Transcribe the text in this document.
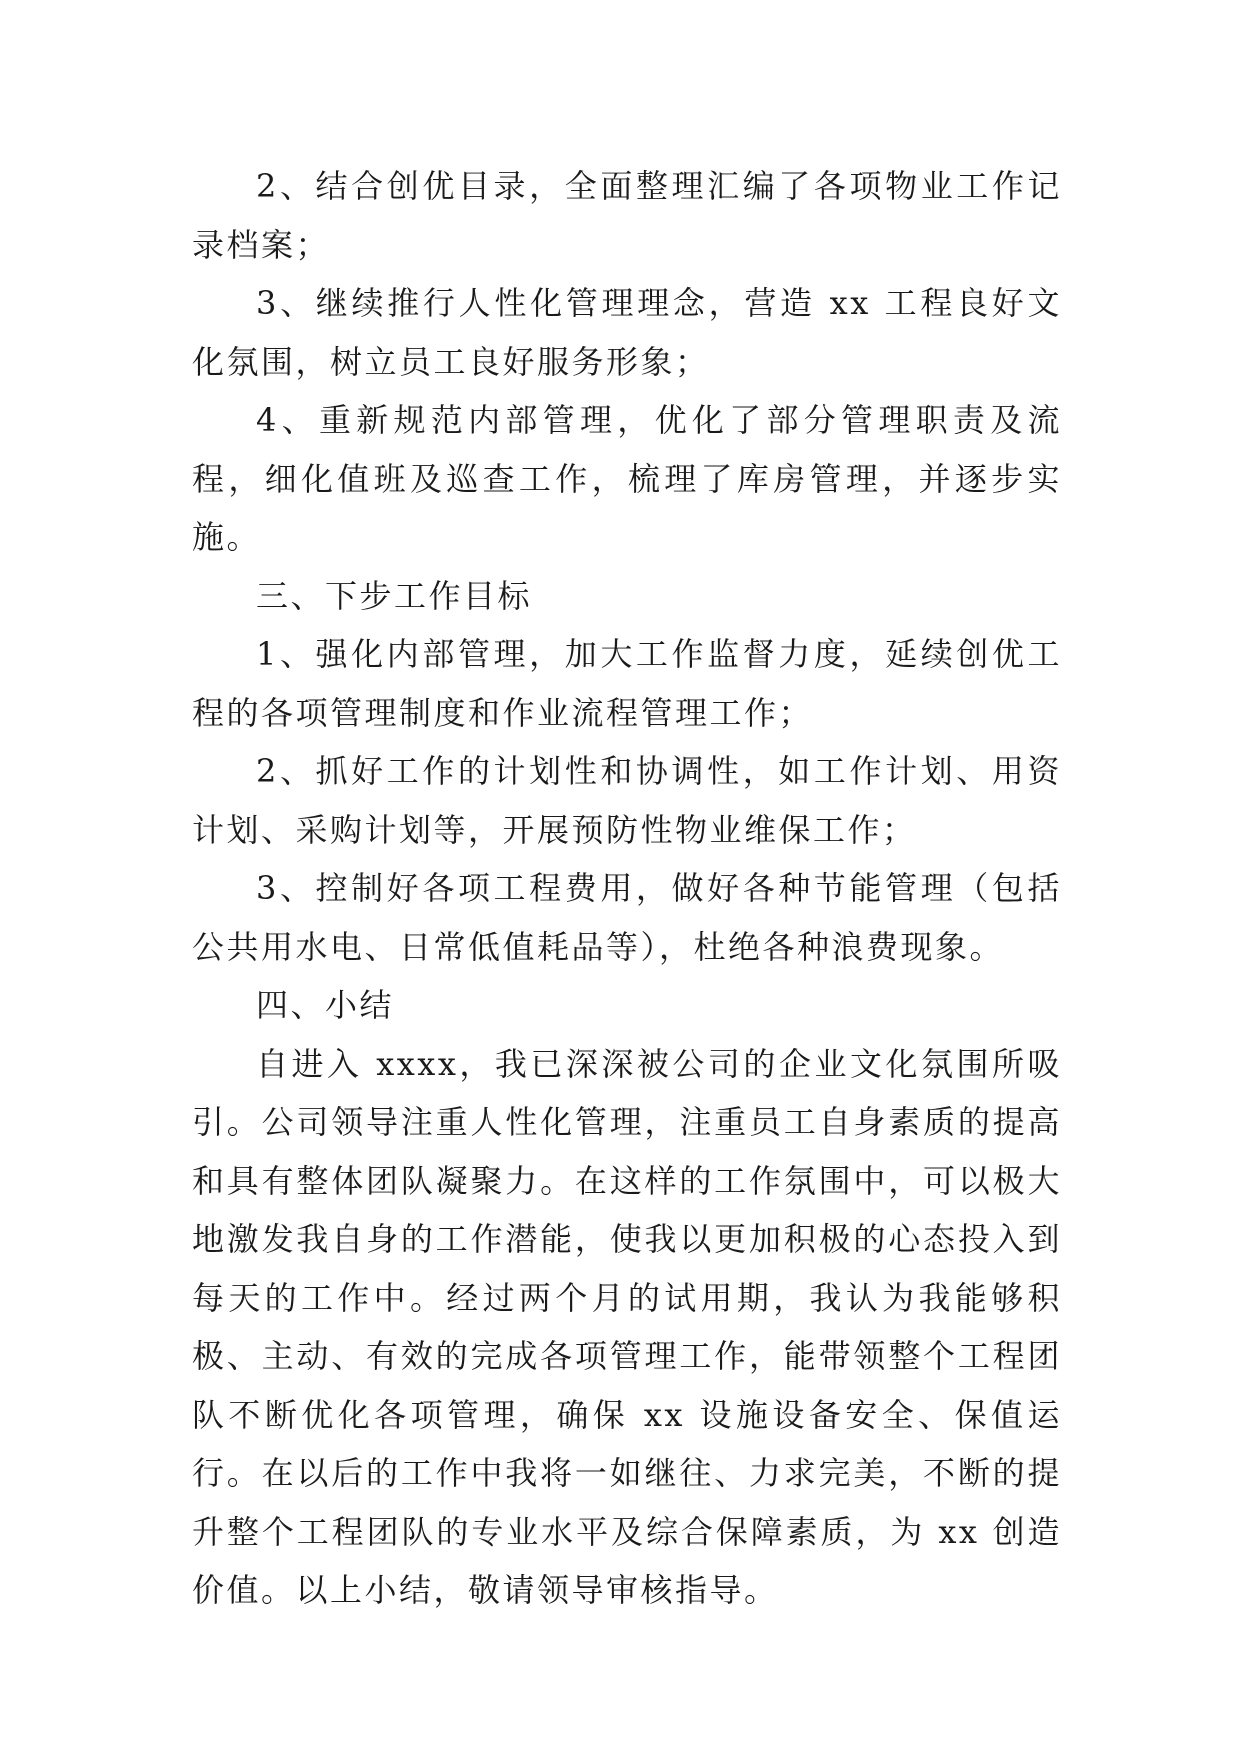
2、结合创优目录，全面整理汇编了各项物业工作记录档案；

3、继续推行人性化管理理念，营造 xx 工程良好文化氛围，树立员工良好服务形象；

4、重新规范内部管理，优化了部分管理职责及流程，细化值班及巡查工作，梳理了库房管理，并逐步实施。

三、下步工作目标

1、强化内部管理，加大工作监督力度，延续创优工程的各项管理制度和作业流程管理工作；

2、抓好工作的计划性和协调性，如工作计划、用资计划、采购计划等，开展预防性物业维保工作；

3、控制好各项工程费用，做好各种节能管理（包括公共用水电、日常低值耗品等），杜绝各种浪费现象。

四、小结

自进入 xxxx，我已深深被公司的企业文化氛围所吸引。公司领导注重人性化管理，注重员工自身素质的提高和具有整体团队凝聚力。在这样的工作氛围中，可以极大地激发我自身的工作潜能，使我以更加积极的心态投入到每天的工作中。经过两个月的试用期，我认为我能够积极、主动、有效的完成各项管理工作，能带领整个工程团队不断优化各项管理，确保 xx 设施设备安全、保值运行。在以后的工作中我将一如继往、力求完美，不断的提升整个工程团队的专业水平及综合保障素质，为 xx 创造价值。以上小结，敬请领导审核指导。
